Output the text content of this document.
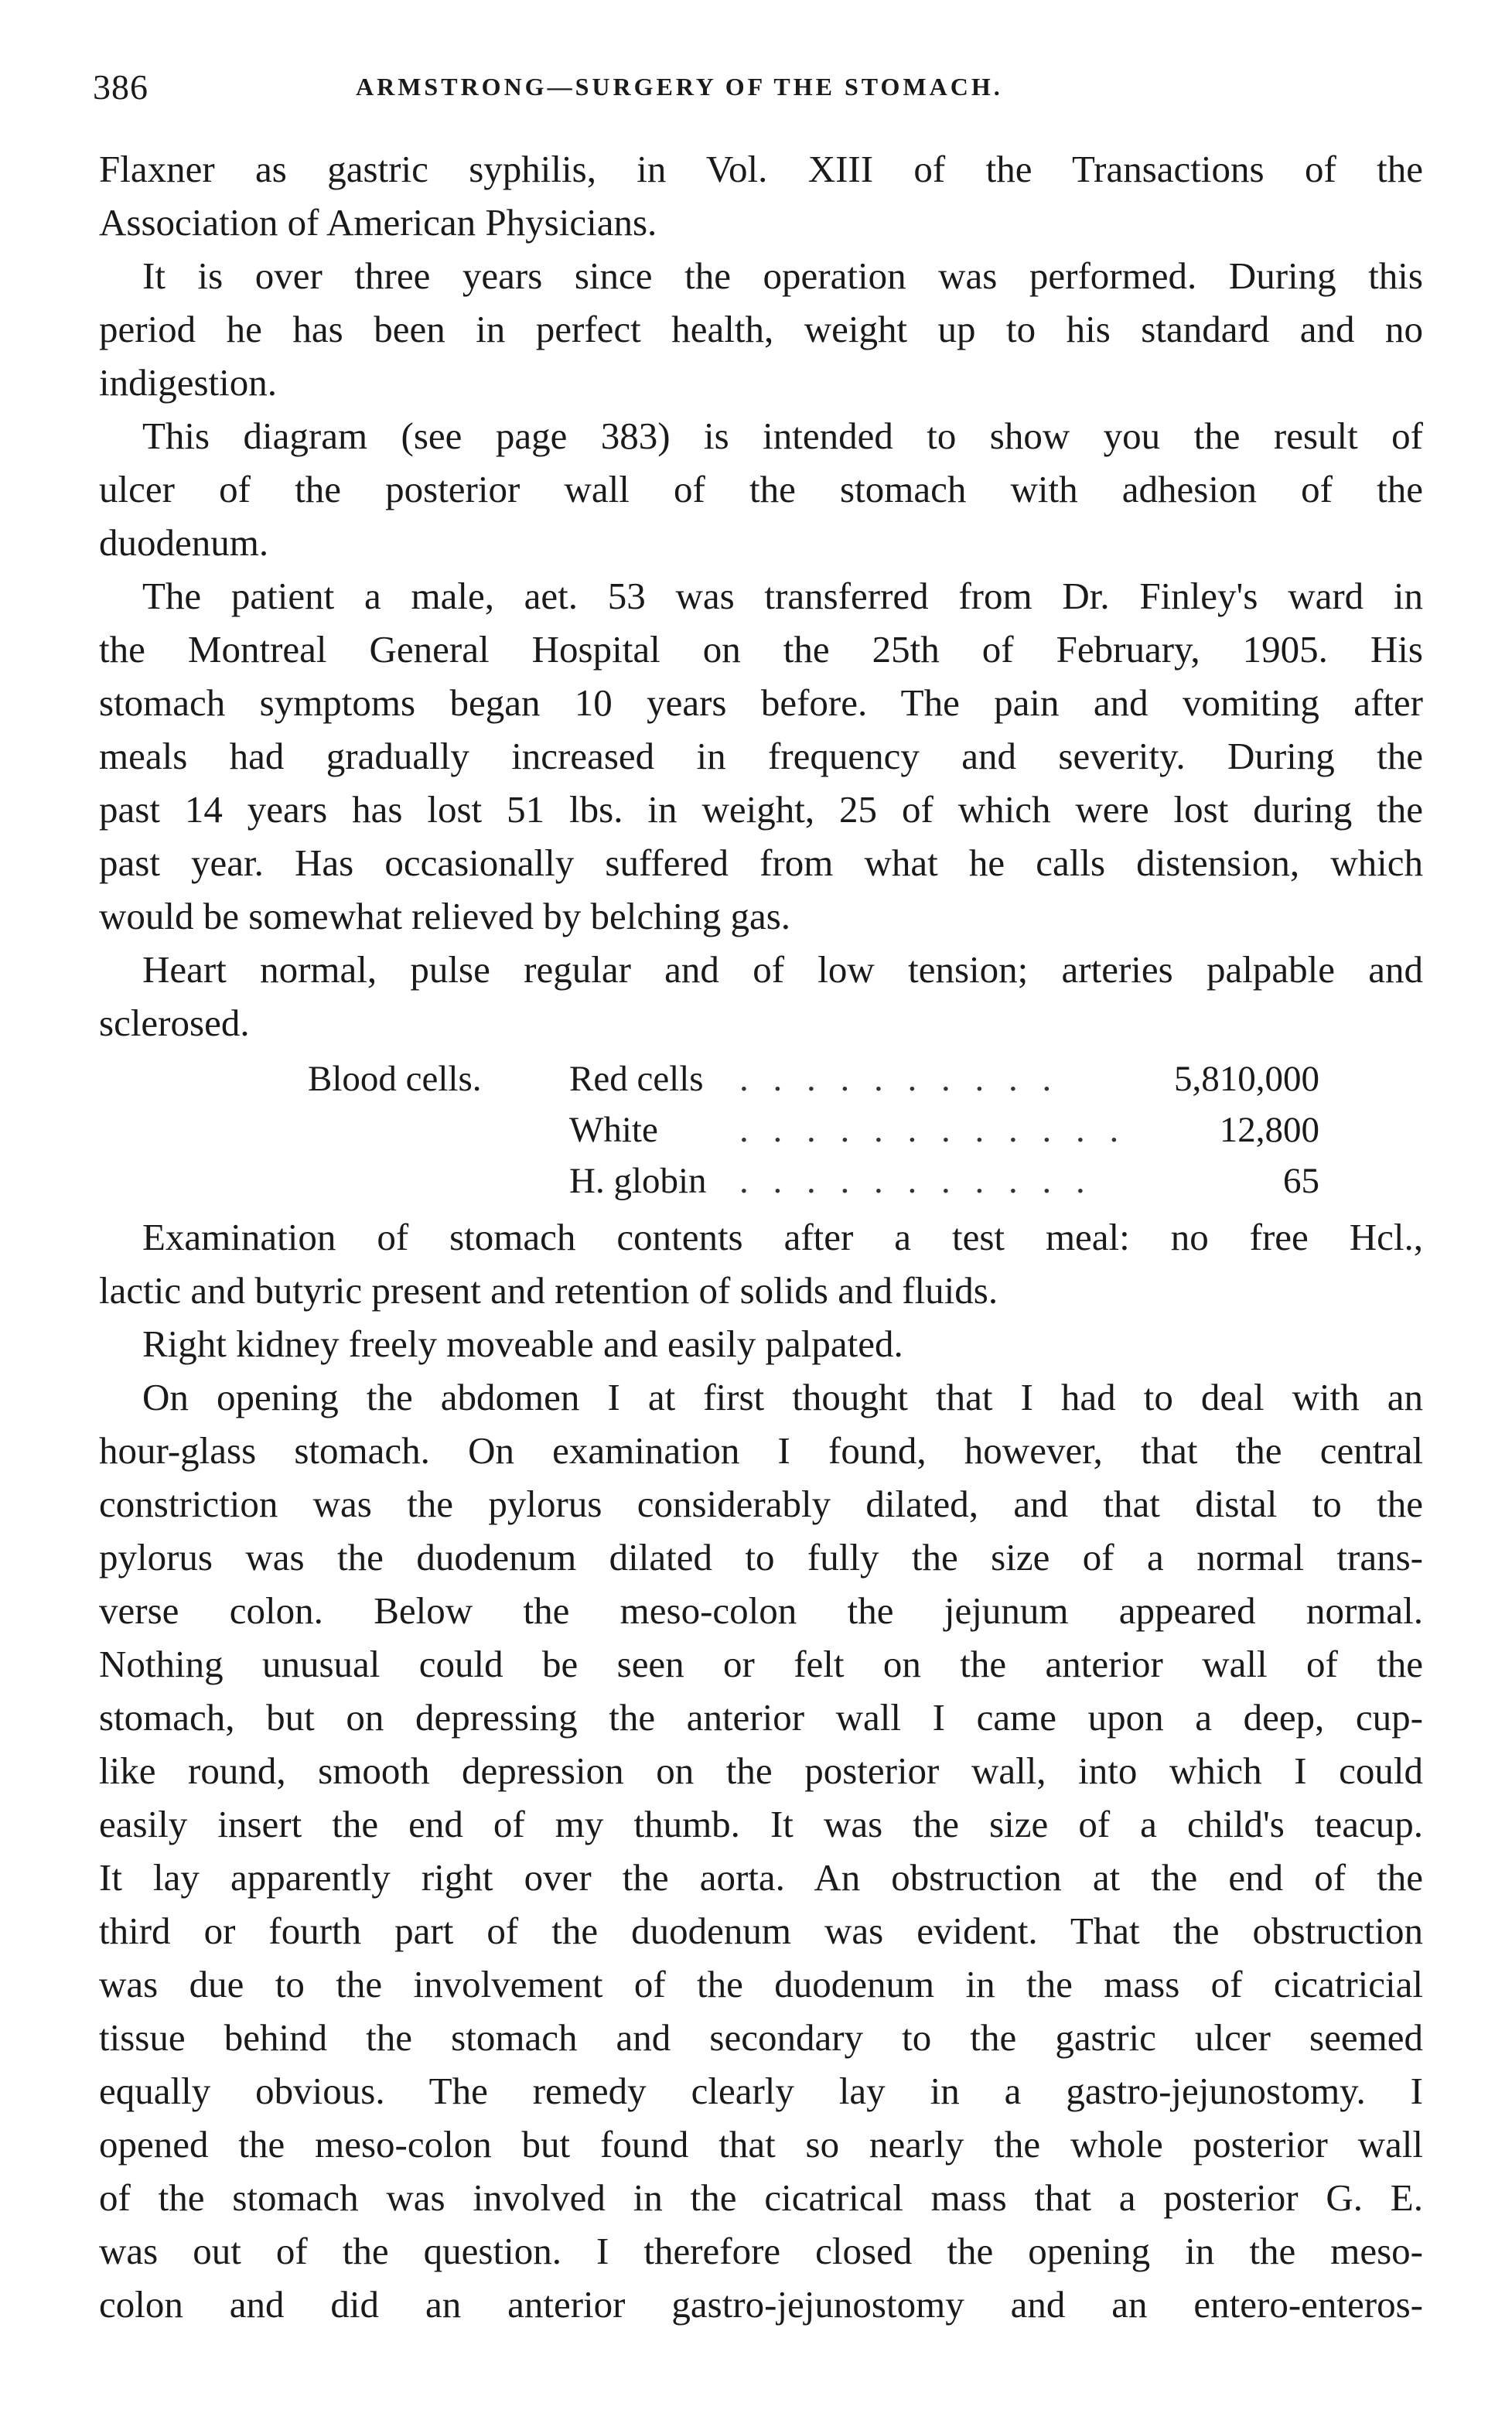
386	ARMSTRONG—SURGERY OF THE STOMACH.
Flaxner as gastric syphilis, in Vol. XIII of the Transactions of the
Association of American Physicians.
It is over three years since the operation was performed. During this
period he has been in perfect health, weight up to his standard and no
indigestion.
This diagram (see page 383) is intended to show you the result of
ulcer of the posterior wall of the stomach with adhesion of the
duodenum.
The patient a male, aet. 53 was transferred from Dr. Finley's ward in
the Montreal General Hospital on the 25th of February, 1905. His
stomach symptoms began 10 years before. The pain and vomiting after
meals had gradually increased in frequency and severity. During the
past 14 years has lost 51 lbs. in weight, 25 of which were lost during the
past year. Has occasionally suffered from what he calls distension, which
would be somewhat relieved by belching gas.
Heart normal, pulse regular and of low tension; arteries palpable and
sclerosed.
Blood cells. Red cells . . . . . . . . . .	5,810,000
White . . . . . . . . . . . .	12,800
H. globin . . . . . . . . . . .	65
Examination of stomach contents after a test meal: no free Hcl.,
lactic and butyric present and retention of solids and fluids.
Right kidney freely moveable and easily palpated.
On opening the abdomen I at first thought that I had to deal with an
hour-glass stomach. On examination I found, however, that the central
constriction was the pylorus considerably dilated, and that distal to the
pylorus was the duodenum dilated to fully the size of a normal trans-
verse colon. Below the meso-colon the jejunum appeared normal.
Nothing unusual could be seen or felt on the anterior wall of the
stomach, but on depressing the anterior wall I came upon a deep, cup-
like round, smooth depression on the posterior wall, into which I could
easily insert the end of my thumb. It was the size of a child's teacup.
It lay apparently right over the aorta. An obstruction at the end of the
third or fourth part of the duodenum was evident. That the obstruction
was due to the involvement of the duodenum in the mass of cicatricial
tissue behind the stomach and secondary to the gastric ulcer seemed
equally obvious. The remedy clearly lay in a gastro-jejunostomy. I
opened the meso-colon but found that so nearly the whole posterior wall
of the stomach was involved in the cicatrical mass that a posterior G. E.
was out of the question. I therefore closed the opening in the meso-
colon and did an anterior gastro-jejunostomy and an entero-enteros-
